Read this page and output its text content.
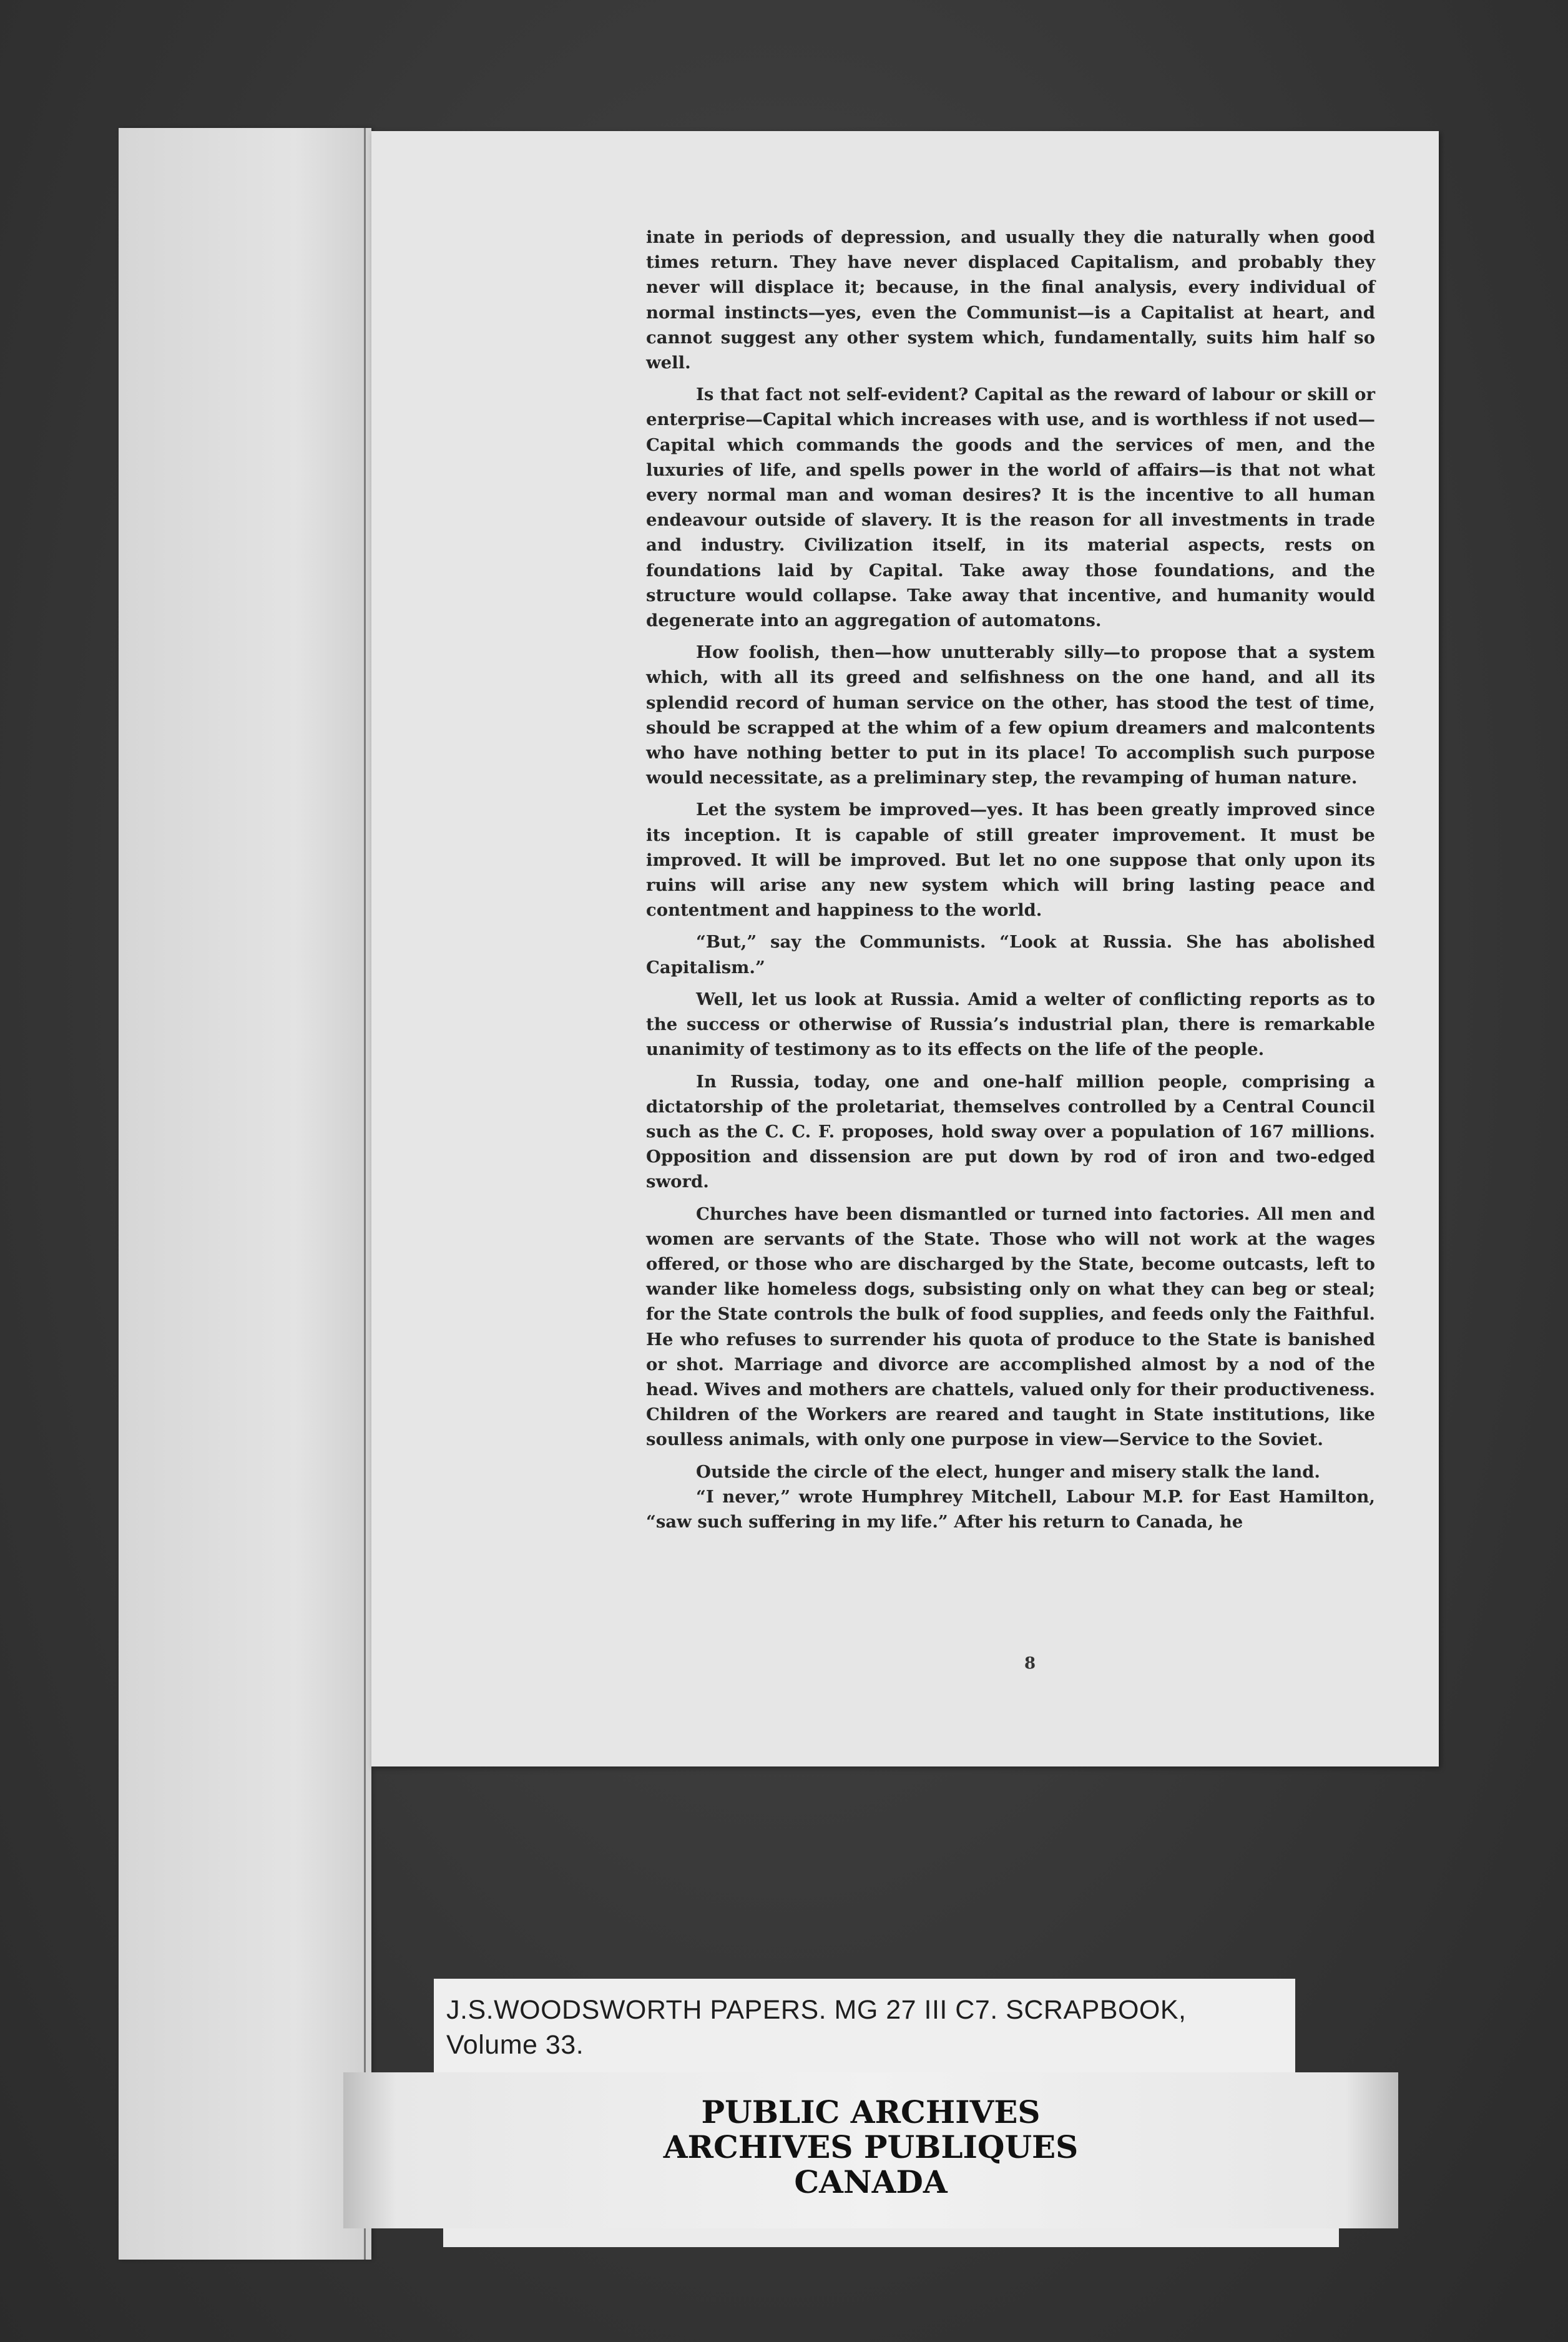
inate in periods of depression, and usually they die naturally when good times return. They have never displaced Capitalism, and probably they never will displace it; because, in the final analysis, every individual of normal instincts—yes, even the Communist—is a Capitalist at heart, and cannot suggest any other system which, fundamentally, suits him half so well.

Is that fact not self-evident? Capital as the reward of labour or skill or enterprise—Capital which increases with use, and is worthless if not used—Capital which commands the goods and the services of men, and the luxuries of life, and spells power in the world of affairs—is that not what every normal man and woman desires? It is the incentive to all human endeavour outside of slavery. It is the reason for all investments in trade and industry. Civilization itself, in its material aspects, rests on foundations laid by Capital. Take away those foundations, and the structure would collapse. Take away that incentive, and humanity would degenerate into an aggregation of automatons.

How foolish, then—how unutterably silly—to propose that a system which, with all its greed and selfishness on the one hand, and all its splendid record of human service on the other, has stood the test of time, should be scrapped at the whim of a few opium dreamers and malcontents who have nothing better to put in its place! To accomplish such purpose would necessitate, as a preliminary step, the revamping of human nature.

Let the system be improved—yes. It has been greatly improved since its inception. It is capable of still greater improvement. It must be improved. It will be improved. But let no one suppose that only upon its ruins will arise any new system which will bring lasting peace and contentment and happiness to the world.

“But,” say the Communists. “Look at Russia. She has abolished Capitalism.”

Well, let us look at Russia. Amid a welter of conflicting reports as to the success or otherwise of Russia’s industrial plan, there is remarkable unanimity of testimony as to its effects on the life of the people.

In Russia, today, one and one-half million people, comprising a dictatorship of the proletariat, themselves controlled by a Central Council such as the C. C. F. proposes, hold sway over a population of 167 millions. Opposition and dissension are put down by rod of iron and two-edged sword.

Churches have been dismantled or turned into factories. All men and women are servants of the State. Those who will not work at the wages offered, or those who are discharged by the State, become outcasts, left to wander like homeless dogs, subsisting only on what they can beg or steal; for the State controls the bulk of food supplies, and feeds only the Faithful. He who refuses to surrender his quota of produce to the State is banished or shot. Marriage and divorce are accomplished almost by a nod of the head. Wives and mothers are chattels, valued only for their productiveness. Children of the Workers are reared and taught in State institutions, like soulless animals, with only one purpose in view—Service to the Soviet.

Outside the circle of the elect, hunger and misery stalk the land.

“I never,” wrote Humphrey Mitchell, Labour M.P. for East Hamilton, “saw such suffering in my life.” After his return to Canada, he

8
J.S.WOODSWORTH PAPERS. MG 27 III C7. SCRAPBOOK,
Volume 33.
PUBLIC ARCHIVES
ARCHIVES PUBLIQUES
CANADA
